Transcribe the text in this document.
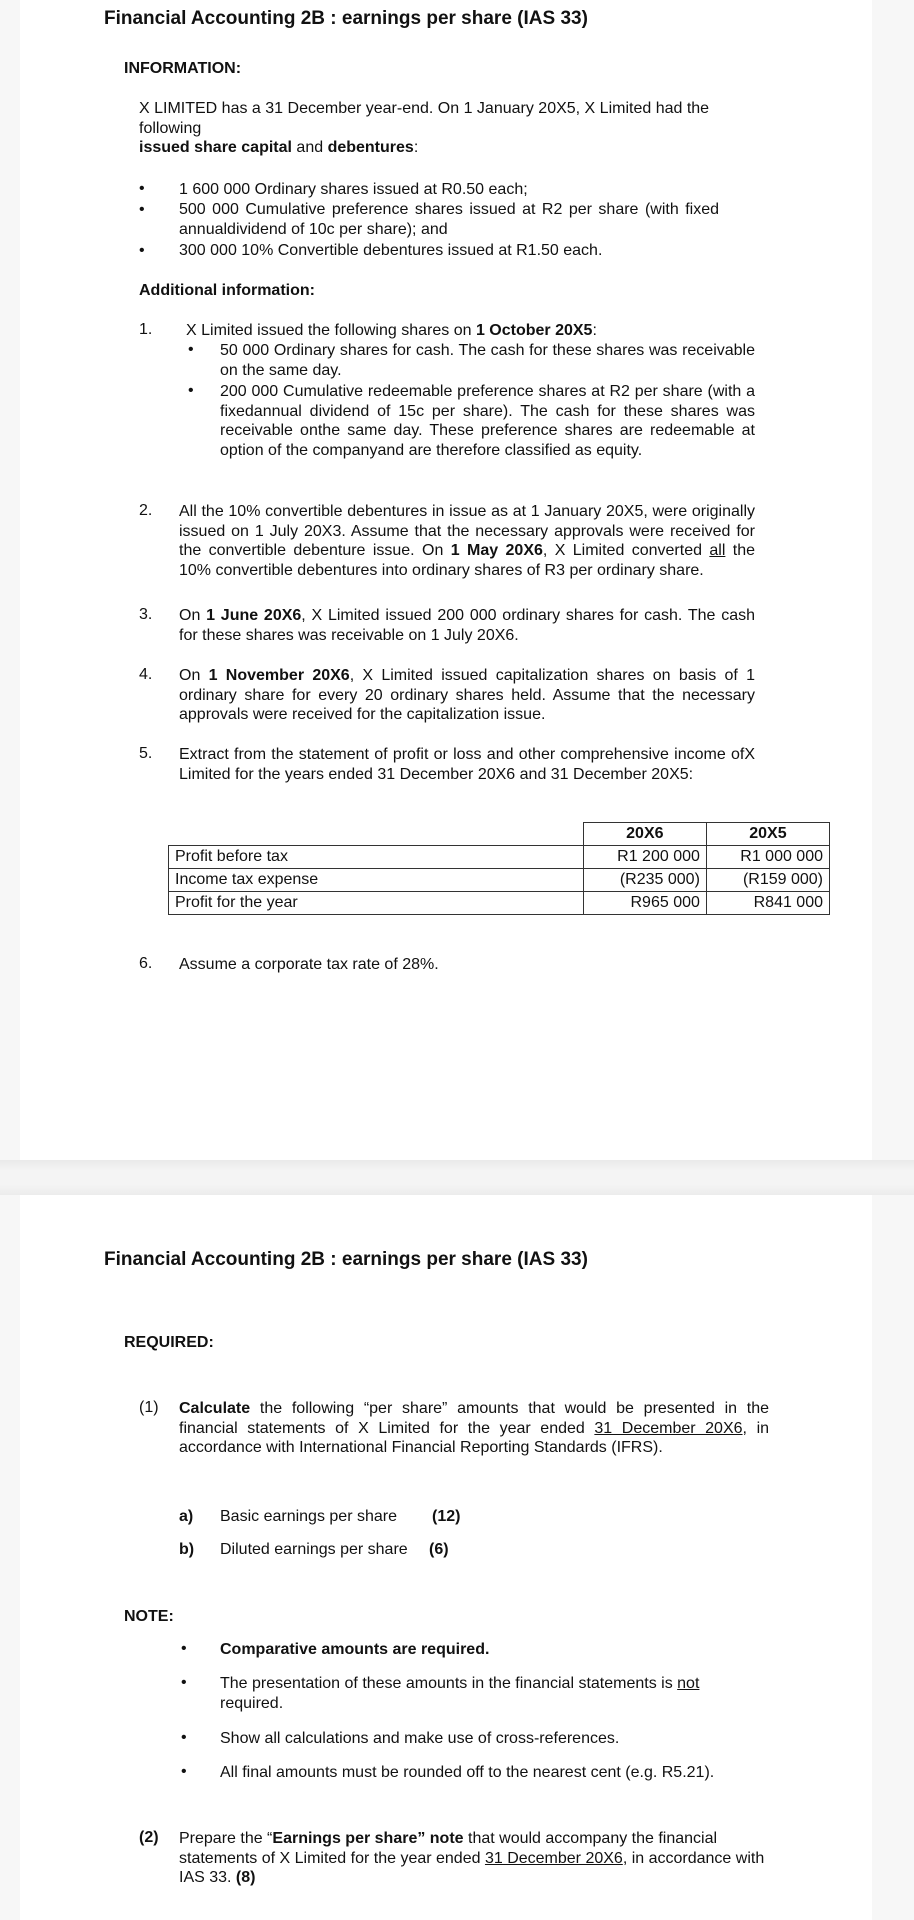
Financial Accounting 2B : earnings per share (IAS 33)
INFORMATION:
X LIMITED has a 31 December year-end. On 1 January 20X5, X Limited had the
following
issued share capital and debentures:
• 1 600 000 Ordinary shares issued at R0.50 each;
• 500 000 Cumulative preference shares issued at R2 per share (with fixed annualdividend of 10c per share); and
• 300 000 10% Convertible debentures issued at R1.50 each.
Additional information:
1. X Limited issued the following shares on 1 October 20X5:
• 50 000 Ordinary shares for cash. The cash for these shares was receivable on the same day.
• 200 000 Cumulative redeemable preference shares at R2 per share (with a fixedannual dividend of 15c per share). The cash for these shares was receivable onthe same day. These preference shares are redeemable at option of the companyand are therefore classified as equity.
2. All the 10% convertible debentures in issue as at 1 January 20X5, were originally issued on 1 July 20X3. Assume that the necessary approvals were received for the convertible debenture issue. On 1 May 20X6, X Limited converted all the 10% convertible debentures into ordinary shares of R3 per ordinary share.
3. On 1 June 20X6, X Limited issued 200 000 ordinary shares for cash. The cash for these shares was receivable on 1 July 20X6.
4. On 1 November 20X6, X Limited issued capitalization shares on basis of 1 ordinary share for every 20 ordinary shares held. Assume that the necessary approvals were received for the capitalization issue.
5. Extract from the statement of profit or loss and other comprehensive income ofX Limited for the years ended 31 December 20X6 and 31 December 20X5:
	20X6	20X5
Profit before tax	R1 200 000	R1 000 000
Income tax expense	(R235 000)	(R159 000)
Profit for the year	R965 000	R841 000
6. Assume a corporate tax rate of 28%.
Financial Accounting 2B : earnings per share (IAS 33)
REQUIRED:
(1) Calculate the following “per share” amounts that would be presented in the financial statements of X Limited for the year ended 31 December 20X6, in accordance with International Financial Reporting Standards (IFRS).
a) Basic earnings per share (12)
b) Diluted earnings per share (6)
NOTE:
• Comparative amounts are required.
• The presentation of these amounts in the financial statements is not required.
• Show all calculations and make use of cross-references.
• All final amounts must be rounded off to the nearest cent (e.g. R5.21).
(2) Prepare the “Earnings per share” note that would accompany the financial statements of X Limited for the year ended 31 December 20X6, in accordance with IAS 33. (8)
